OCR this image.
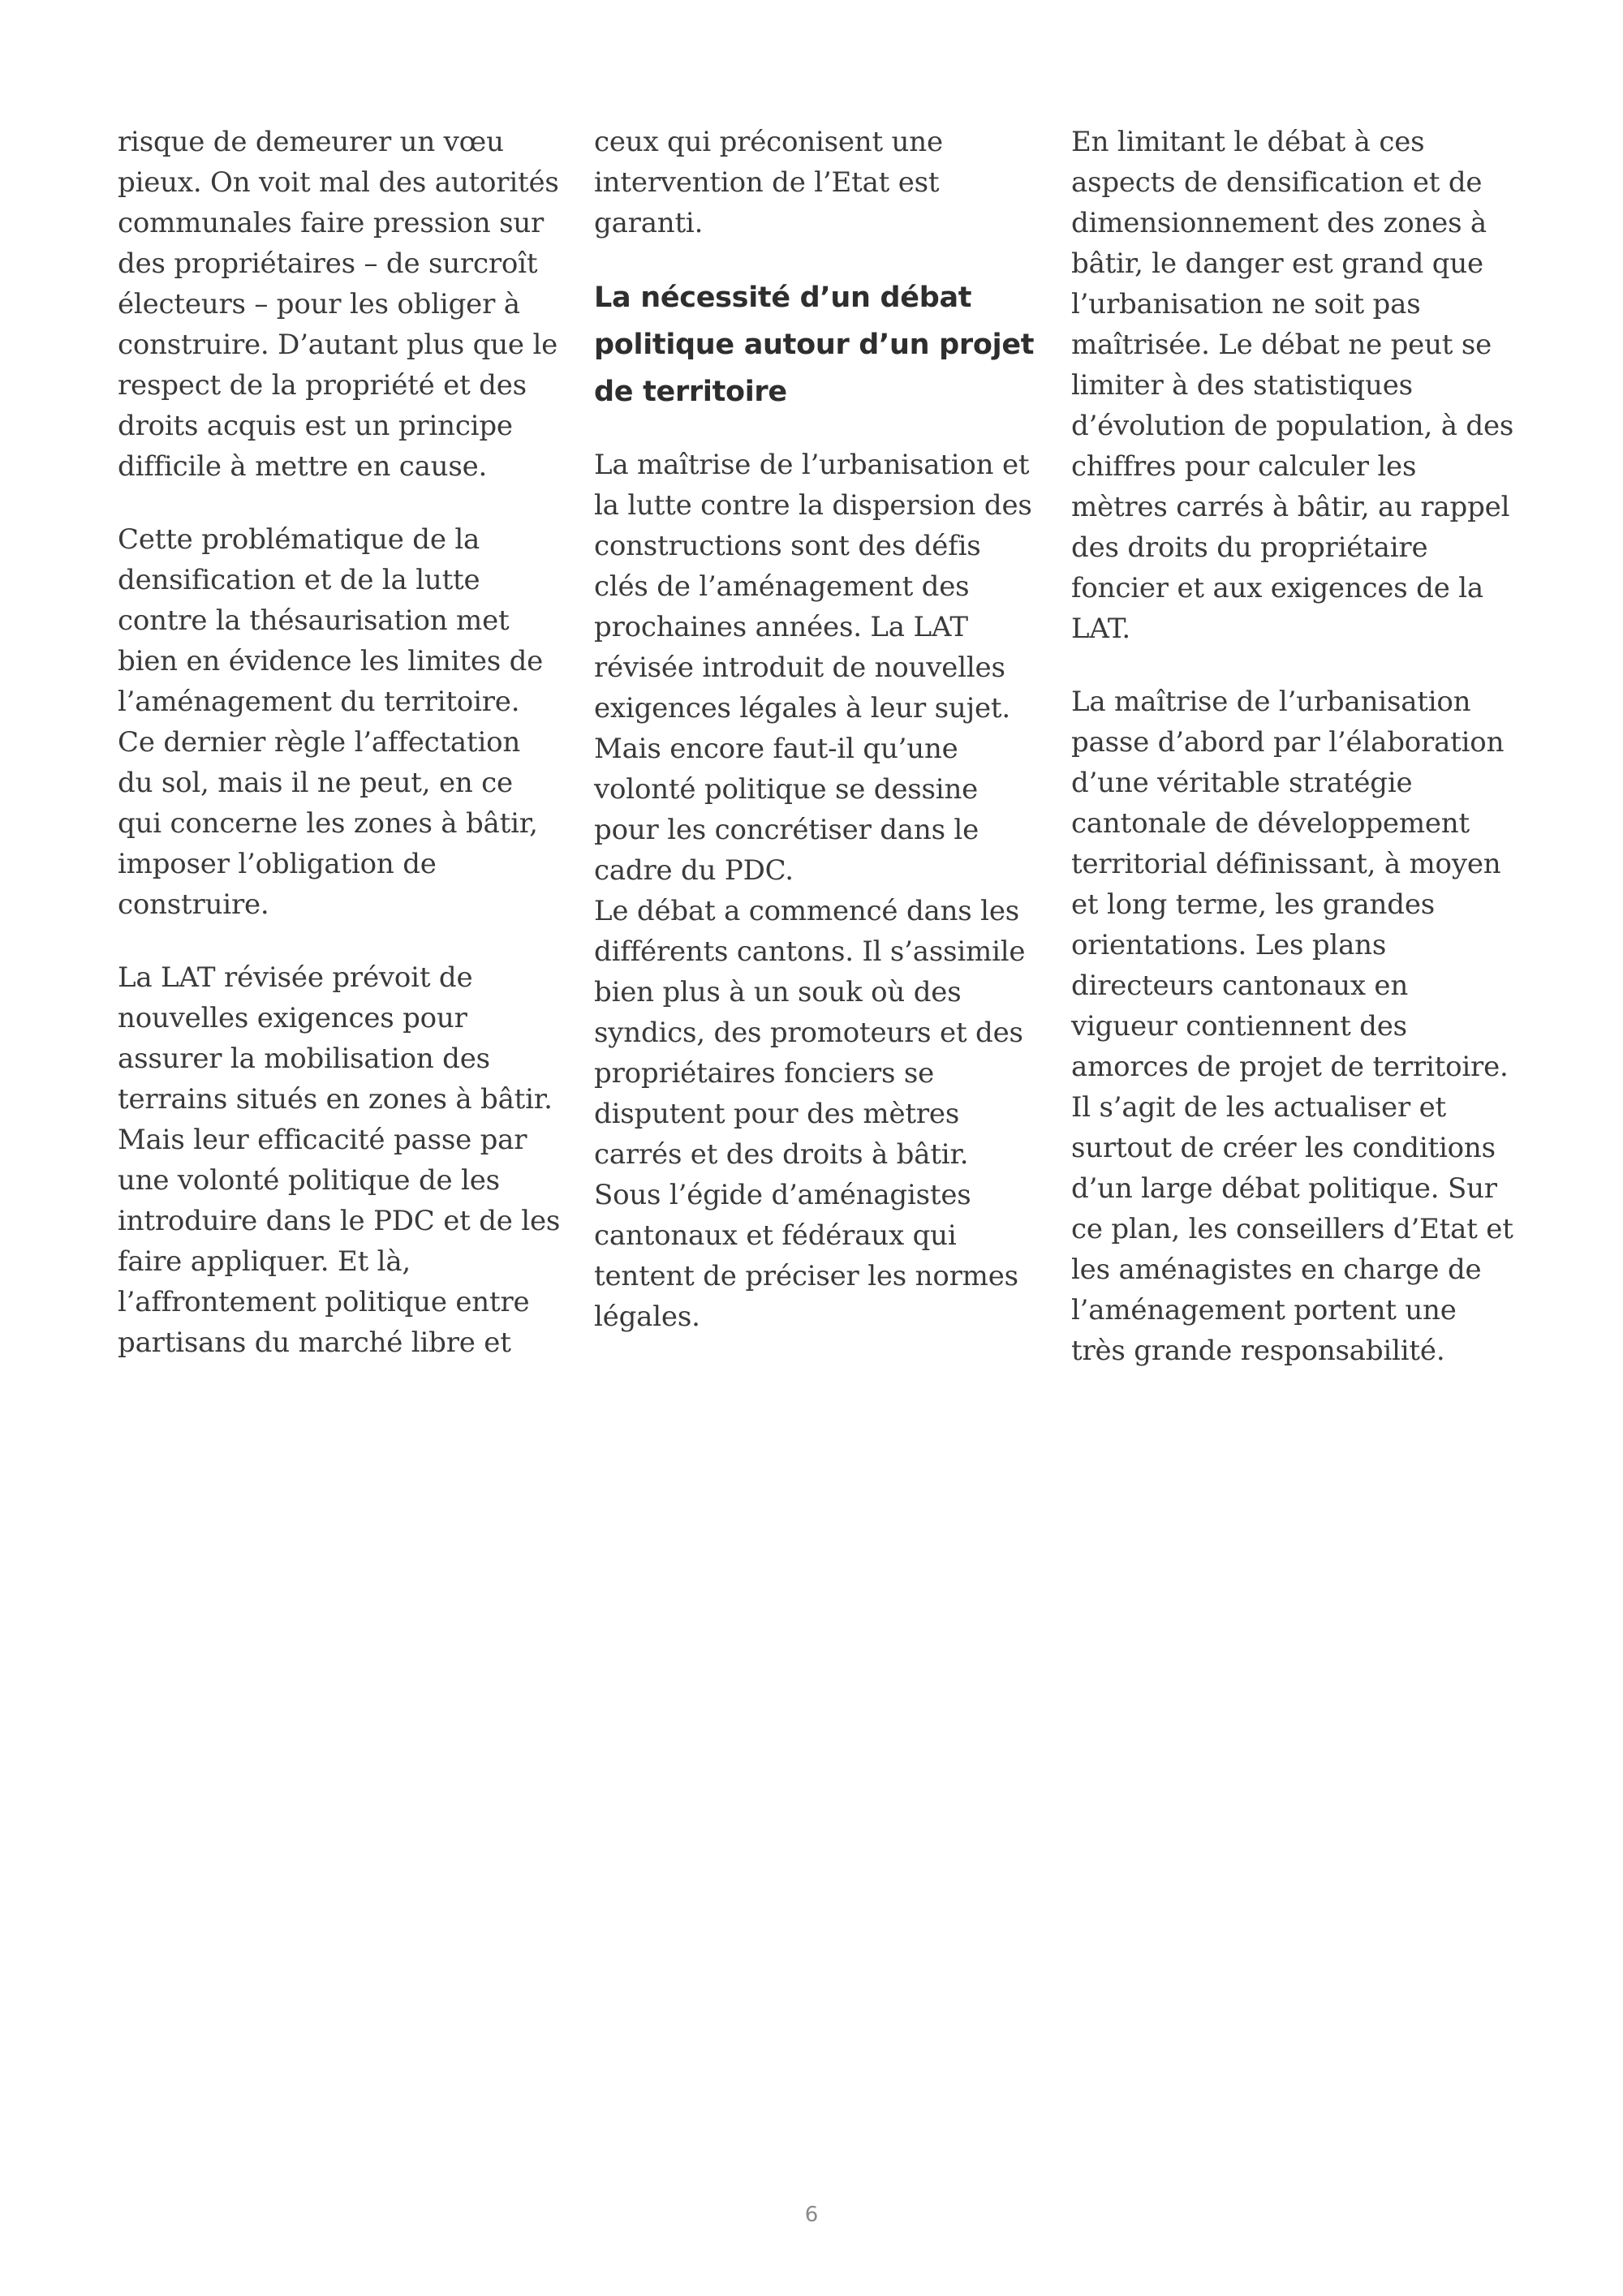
risque de demeurer un vœu
pieux. On voit mal des autorités
communales faire pression sur
des propriétaires – de surcroît
électeurs – pour les obliger à
construire. D’autant plus que le
respect de la propriété et des
droits acquis est un principe
difficile à mettre en cause.
Cette problématique de la
densification et de la lutte
contre la thésaurisation met
bien en évidence les limites de
l’aménagement du territoire.
Ce dernier règle l’affectation
du sol, mais il ne peut, en ce
qui concerne les zones à bâtir,
imposer l’obligation de
construire.
La LAT révisée prévoit de
nouvelles exigences pour
assurer la mobilisation des
terrains situés en zones à bâtir.
Mais leur efficacité passe par
une volonté politique de les
introduire dans le PDC et de les
faire appliquer. Et là,
l’affrontement politique entre
partisans du marché libre et
ceux qui préconisent une
intervention de l’Etat est
garanti.
La nécessité d’un débat
politique autour d’un projet
de territoire
La maîtrise de l’urbanisation et
la lutte contre la dispersion des
constructions sont des défis
clés de l’aménagement des
prochaines années. La LAT
révisée introduit de nouvelles
exigences légales à leur sujet.
Mais encore faut-il qu’une
volonté politique se dessine
pour les concrétiser dans le
cadre du PDC.
Le débat a commencé dans les
différents cantons. Il s’assimile
bien plus à un souk où des
syndics, des promoteurs et des
propriétaires fonciers se
disputent pour des mètres
carrés et des droits à bâtir.
Sous l’égide d’aménagistes
cantonaux et fédéraux qui
tentent de préciser les normes
légales.
En limitant le débat à ces
aspects de densification et de
dimensionnement des zones à
bâtir, le danger est grand que
l’urbanisation ne soit pas
maîtrisée. Le débat ne peut se
limiter à des statistiques
d’évolution de population, à des
chiffres pour calculer les
mètres carrés à bâtir, au rappel
des droits du propriétaire
foncier et aux exigences de la
LAT.
La maîtrise de l’urbanisation
passe d’abord par l’élaboration
d’une véritable stratégie
cantonale de développement
territorial définissant, à moyen
et long terme, les grandes
orientations. Les plans
directeurs cantonaux en
vigueur contiennent des
amorces de projet de territoire.
Il s’agit de les actualiser et
surtout de créer les conditions
d’un large débat politique. Sur
ce plan, les conseillers d’Etat et
les aménagistes en charge de
l’aménagement portent une
très grande responsabilité.
6
